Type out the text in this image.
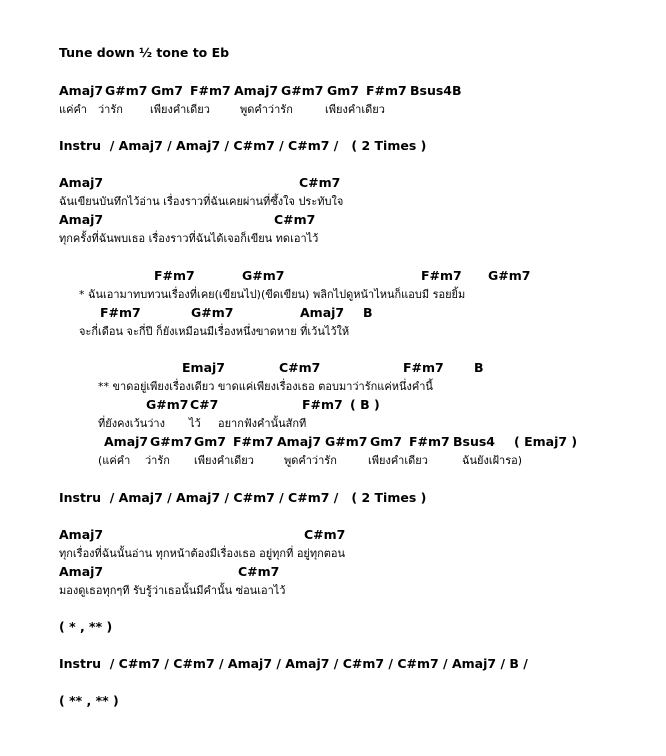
Tune down ½ tone to Eb
Amaj7 G#m7 Gm7 F#m7 Amaj7 G#m7 Gm7 F#m7 Bsus4 B
แค่คำ ว่ารัก เพียงคำเดียว	พูดคำว่ารัก	เพียงคำเดียว
Instru  / Amaj7 / Amaj7 / C#m7 / C#m7 /   ( 2 Times )
Amaj7	C#m7
ฉันเขียนบันทึกไว้อ่าน เรื่องราวที่ฉันเคยผ่านที่ซึ้งใจ ประทับใจ
Amaj7	C#m7
ทุกครั้งที่ฉันพบเธอ เรื่องราวที่ฉันได้เจอก็เขียน ทดเอาไว้
F#m7	G#m7	F#m7 G#m7
* ฉันเอามาทบทวนเรื่องที่เคย(เขียนไป)(ขีดเขียน) พลิกไปดูหน้าไหนก็แอบมี รอยยิ้ม
F#m7	G#m7	Amaj7 B
จะกี่เดือน จะกี่ปี ก็ยังเหมือนมีเรื่องหนึ่งขาดหาย ที่เว้นไว้ให้
Emaj7	C#m7	F#m7 B
** ขาดอยู่เพียงเรื่องเดียว ขาดแค่เพียงเรื่องเธอ ตอบมาว่ารักแค่หนึ่งคำนี้
G#m7 C#7	F#m7 ( B )
ที่ยังคงเว้นว่าง ไว้ อยากฟังคำนั้นสักที
Amaj7 G#m7 Gm7 F#m7 Amaj7 G#m7 Gm7 F#m7 Bsus4 ( Emaj7 )
(แค่คำ ว่ารัก เพียงคำเดียว	พูดคำว่ารัก	เพียงคำเดียว	ฉันยังเฝ้ารอ)
Instru  / Amaj7 / Amaj7 / C#m7 / C#m7 /   ( 2 Times )
Amaj7	C#m7
ทุกเรื่องที่ฉันนั้นอ่าน ทุกหน้าต้องมีเรื่องเธอ อยู่ทุกที่ อยู่ทุกตอน
Amaj7	C#m7
มองดูเธอทุกๆที รับรู้ว่าเธอนั้นมีคำนั้น ซ่อนเอาไว้
( * , ** )
Instru  / C#m7 / C#m7 / Amaj7 / Amaj7 / C#m7 / C#m7 / Amaj7 / B /
( ** , ** )
